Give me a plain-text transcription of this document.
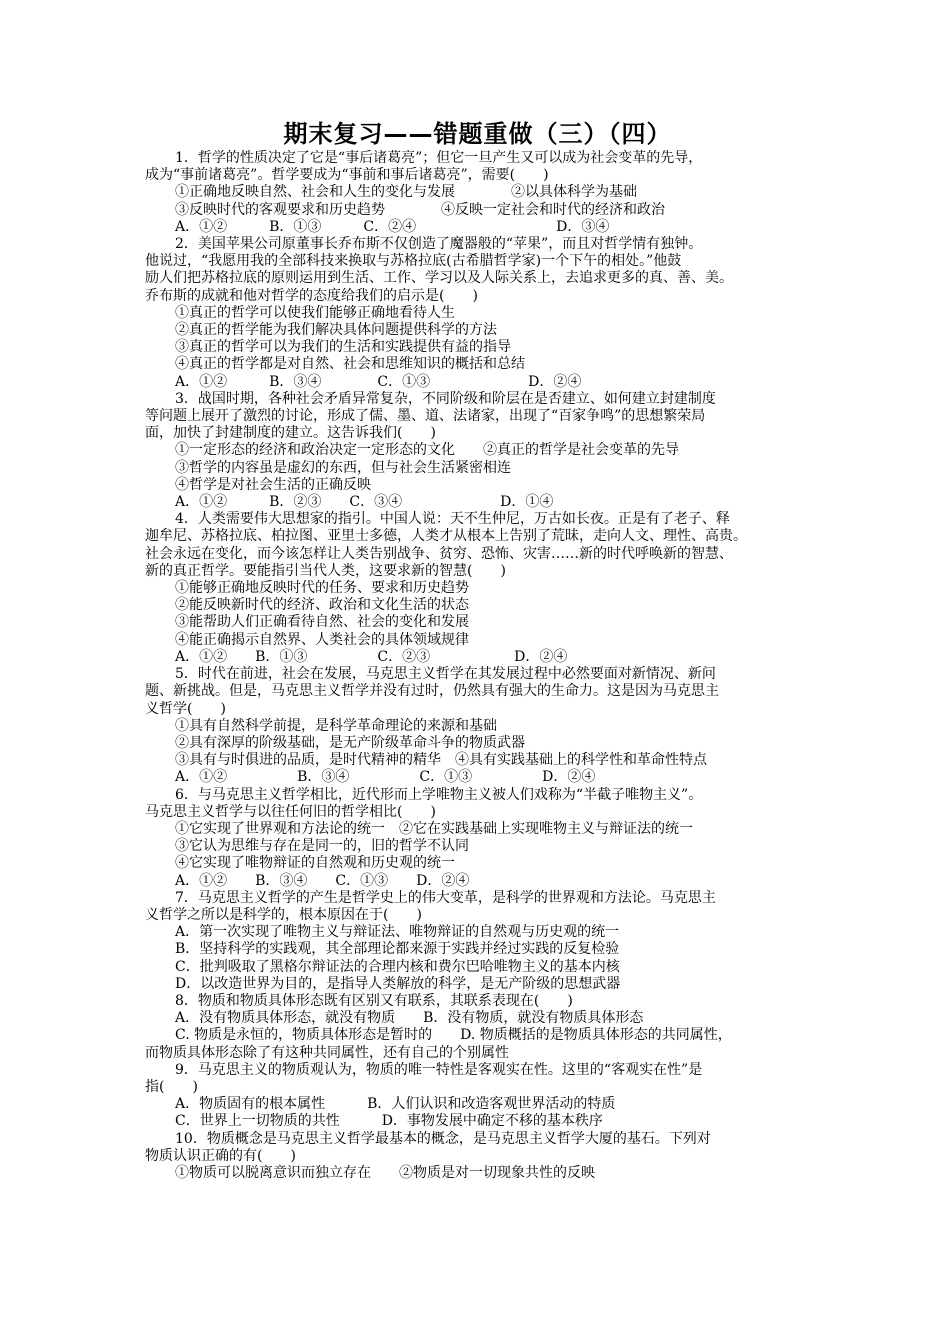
期末复习——错题重做（三）（四）
1．哲学的性质决定了它是“事后诸葛亮”；但它一旦产生又可以成为社会变革的先导，
成为“事前诸葛亮”。哲学要成为“事前和事后诸葛亮”，需要(　　)
①正确地反映自然、社会和人生的变化与发展　　　　②以具体科学为基础
③反映时代的客观要求和历史趋势　　　　④反映一定社会和时代的经济和政治
A．①②　　　B．①③　　　C．②④　　　　　　　　　　D．③④
2．美国苹果公司原董事长乔布斯不仅创造了魔器般的“苹果”，而且对哲学情有独钟。
他说过，“我愿用我的全部科技来换取与苏格拉底(古希腊哲学家)一个下午的相处。”他鼓
励人们把苏格拉底的原则运用到生活、工作、学习以及人际关系上，去追求更多的真、善、美。
乔布斯的成就和他对哲学的态度给我们的启示是(　　)
①真正的哲学可以使我们能够正确地看待人生
②真正的哲学能为我们解决具体问题提供科学的方法
③真正的哲学可以为我们的生活和实践提供有益的指导
④真正的哲学都是对自然、社会和思维知识的概括和总结
A．①②　　　B．③④　　　　C．①③　　　　　　　D．②④
3．战国时期，各种社会矛盾异常复杂，不同阶级和阶层在是否建立、如何建立封建制度
等问题上展开了激烈的讨论，形成了儒、墨、道、法诸家，出现了“百家争鸣”的思想繁荣局
面，加快了封建制度的建立。这告诉我们(　　)
①一定形态的经济和政治决定一定形态的文化　　②真正的哲学是社会变革的先导
③哲学的内容虽是虚幻的东西，但与社会生活紧密相连
④哲学是对社会生活的正确反映
A．①②　　　B．②③　　C．③④　　　　　　　D．①④
4．人类需要伟大思想家的指引。中国人说：天不生仲尼，万古如长夜。正是有了老子、释
迦牟尼、苏格拉底、柏拉图、亚里士多德，人类才从根本上告别了荒昧，走向人文、理性、高贵。
社会永远在变化，而今该怎样让人类告别战争、贫穷、恐怖、灾害……新的时代呼唤新的智慧、
新的真正哲学。要能指引当代人类，这要求新的智慧(　　)
①能够正确地反映时代的任务、要求和历史趋势
②能反映新时代的经济、政治和文化生活的状态
③能帮助人们正确看待自然、社会的变化和发展
④能正确揭示自然界、人类社会的具体领域规律
A．①②　　B．①③　　　　　C．②③　　　　　　D．②④
5．时代在前进，社会在发展，马克思主义哲学在其发展过程中必然要面对新情况、新问
题、新挑战。但是，马克思主义哲学并没有过时，仍然具有强大的生命力。这是因为马克思主
义哲学(　　)
①具有自然科学前提，是科学革命理论的来源和基础
②具有深厚的阶级基础，是无产阶级革命斗争的物质武器
③具有与时俱进的品质，是时代精神的精华　④具有实践基础上的科学性和革命性特点
A．①②　　　　　B．③④　　　　　C．①③　　　　　D．②④
6．与马克思主义哲学相比，近代形而上学唯物主义被人们戏称为“半截子唯物主义”。
马克思主义哲学与以往任何旧的哲学相比(　　)
①它实现了世界观和方法论的统一　②它在实践基础上实现唯物主义与辩证法的统一
③它认为思维与存在是同一的，旧的哲学不认同
④它实现了唯物辩证的自然观和历史观的统一
A．①②　　B．③④　　C．①③　　D．②④
7．马克思主义哲学的产生是哲学史上的伟大变革，是科学的世界观和方法论。马克思主
义哲学之所以是科学的，根本原因在于(　　)
A．第一次实现了唯物主义与辩证法、唯物辩证的自然观与历史观的统一
B．坚持科学的实践观，其全部理论都来源于实践并经过实践的反复检验
C．批判吸取了黑格尔辩证法的合理内核和费尔巴哈唯物主义的基本内核
D．以改造世界为目的，是指导人类解放的科学，是无产阶级的思想武器
8．物质和物质具体形态既有区别又有联系，其联系表现在(　　)
A．没有物质具体形态，就没有物质　　B．没有物质，就没有物质具体形态
C. 物质是永恒的，物质具体形态是暂时的　　D. 物质概括的是物质具体形态的共同属性，
而物质具体形态除了有这种共同属性，还有自己的个别属性
9．马克思主义的物质观认为，物质的唯一特性是客观实在性。这里的“客观实在性”是
指(　　)
A．物质固有的根本属性　　　B．人们认识和改造客观世界活动的特质
C．世界上一切物质的共性　　　D．事物发展中确定不移的基本秩序
10．物质概念是马克思主义哲学最基本的概念，是马克思主义哲学大厦的基石。下列对
物质认识正确的有(　　)
①物质可以脱离意识而独立存在　　②物质是对一切现象共性的反映
